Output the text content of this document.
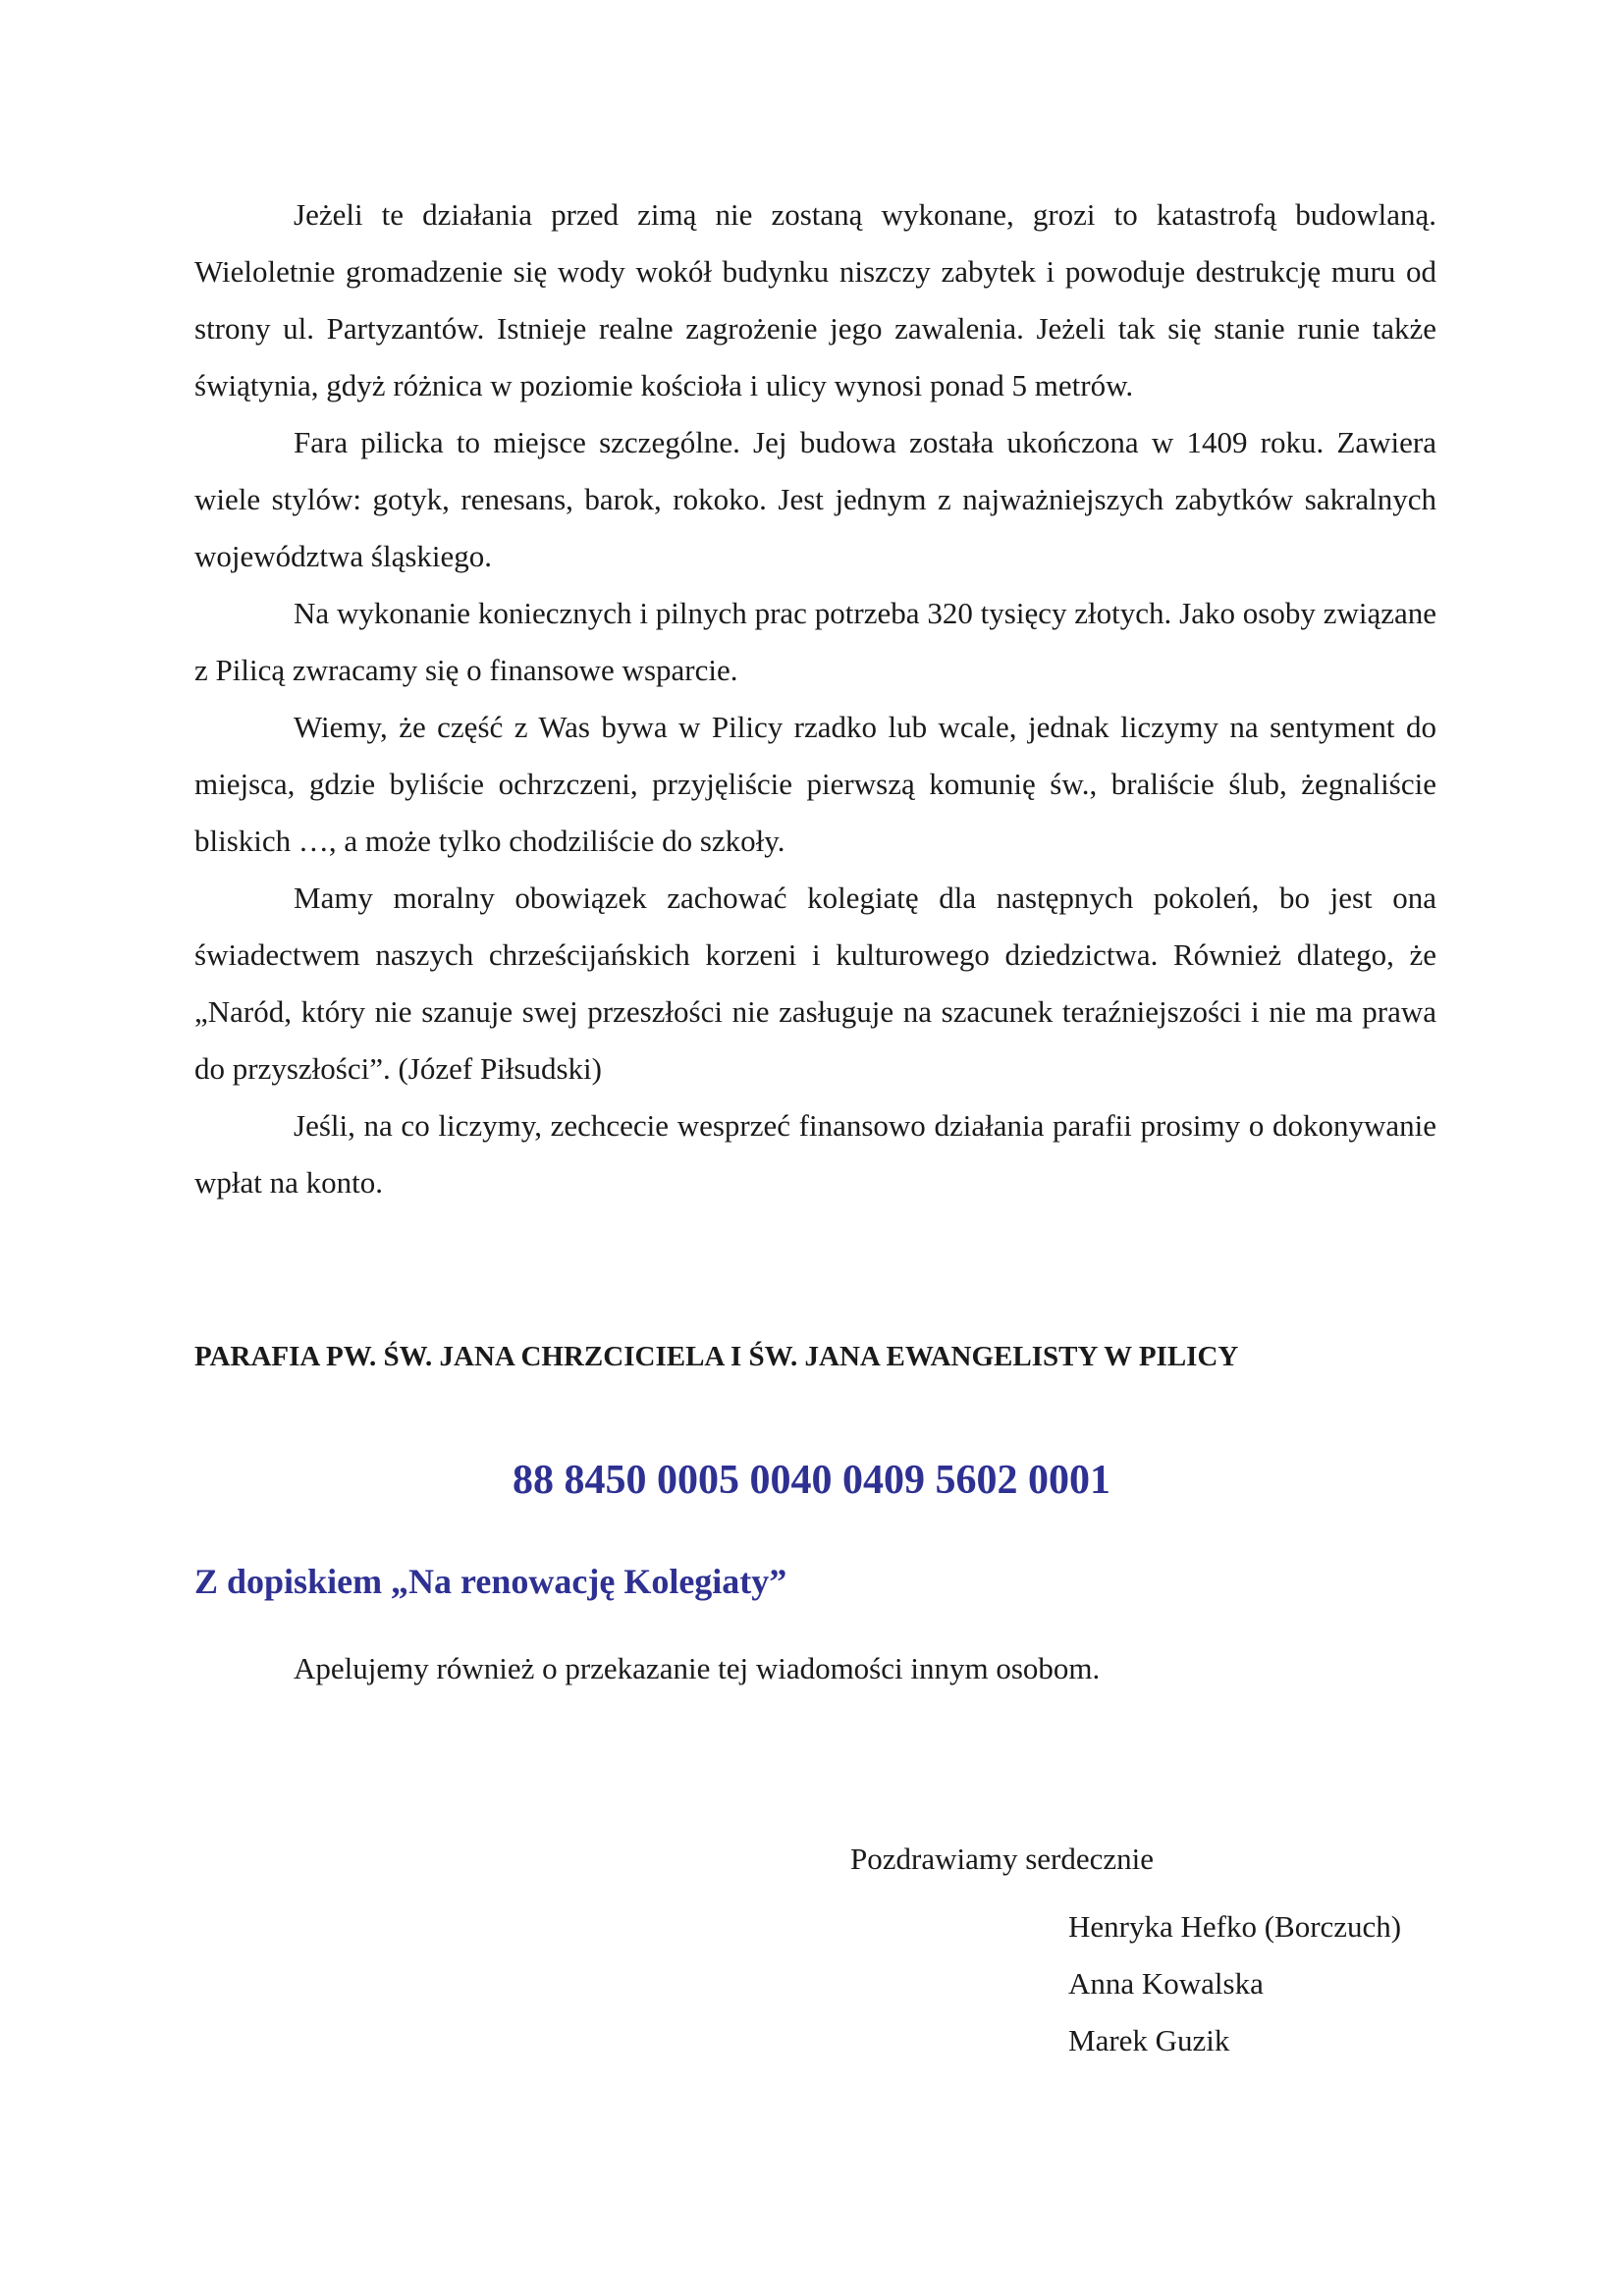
Jeżeli te działania przed zimą nie zostaną wykonane, grozi to katastrofą budowlaną. Wieloletnie gromadzenie się wody wokół budynku niszczy zabytek i powoduje destrukcję muru od strony ul. Partyzantów. Istnieje realne zagrożenie jego zawalenia. Jeżeli tak się stanie runie także świątynia, gdyż różnica w poziomie kościoła i ulicy wynosi ponad 5 metrów.

Fara pilicka to miejsce szczególne. Jej budowa została ukończona w 1409 roku. Zawiera wiele stylów: gotyk, renesans, barok, rokoko. Jest jednym z najważniejszych zabytków sakralnych województwa śląskiego.

Na wykonanie koniecznych i pilnych prac potrzeba 320 tysięcy złotych. Jako osoby związane z Pilicą zwracamy się o finansowe wsparcie.

Wiemy, że część z Was bywa w Pilicy rzadko lub wcale, jednak liczymy na sentyment do miejsca, gdzie byliście ochrzczeni, przyjęliście pierwszą komunię św., braliście ślub, żegnaliście bliskich …, a może tylko chodziliście do szkoły.

Mamy moralny obowiązek zachować kolegiatę dla następnych pokoleń, bo jest ona świadectwem naszych chrześcijańskich korzeni i kulturowego dziedzictwa. Również dlatego, że „Naród, który nie szanuje swej przeszłości nie zasługuje na szacunek teraźniejszości i nie ma prawa do przyszłości”. (Józef Piłsudski)

Jeśli, na co liczymy, zechcecie wesprzeć finansowo działania parafii prosimy o dokonywanie wpłat na konto.

PARAFIA PW. ŚW. JANA CHRZCICIELA I ŚW. JANA EWANGELISTY W PILICY

88 8450 0005 0040 0409 5602 0001

Z dopiskiem „Na renowację Kolegiaty”

Apelujemy również o przekazanie tej wiadomości innym osobom.

Pozdrawiamy serdecznie

Henryka Hefko (Borczuch)
Anna Kowalska
Marek Guzik
